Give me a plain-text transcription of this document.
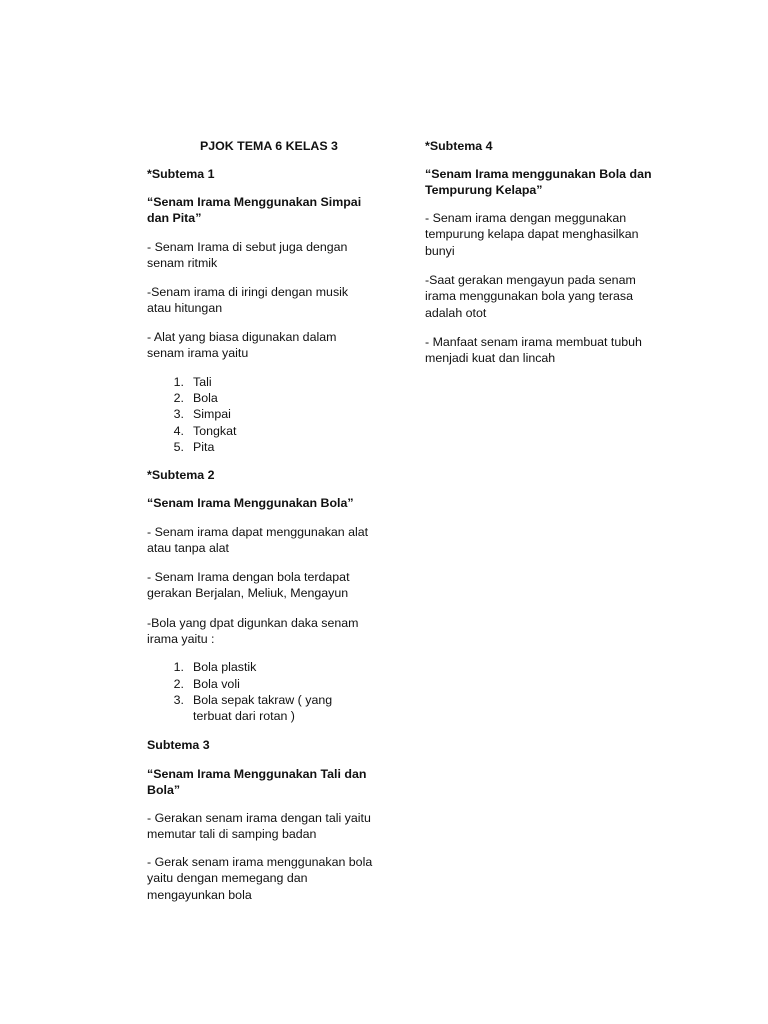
PJOK TEMA 6 KELAS 3
*Subtema 1
“Senam Irama Menggunakan Simpai
dan Pita”
- Senam Irama di sebut juga dengan
senam ritmik
-Senam irama di iringi dengan musik
atau hitungan
- Alat yang biasa digunakan dalam
senam irama yaitu
1. Tali
2. Bola
3. Simpai
4. Tongkat
5. Pita
*Subtema 2
“Senam Irama Menggunakan Bola”
- Senam irama dapat menggunakan alat
atau tanpa alat
- Senam Irama dengan bola terdapat
gerakan Berjalan, Meliuk, Mengayun
-Bola yang dpat digunkan daka senam
irama yaitu :
1. Bola plastik
2. Bola voli
3. Bola sepak takraw ( yang
terbuat dari rotan )
Subtema 3
“Senam Irama Menggunakan Tali dan
Bola”
- Gerakan senam irama dengan tali yaitu
memutar tali di samping badan
- Gerak senam irama menggunakan bola
yaitu dengan memegang dan
mengayunkan bola
*Subtema 4
“Senam Irama menggunakan Bola dan
Tempurung Kelapa”
- Senam irama dengan meggunakan
tempurung kelapa dapat menghasilkan
bunyi
-Saat gerakan mengayun pada senam
irama menggunakan bola yang terasa
adalah otot
- Manfaat senam irama membuat tubuh
menjadi kuat dan lincah
